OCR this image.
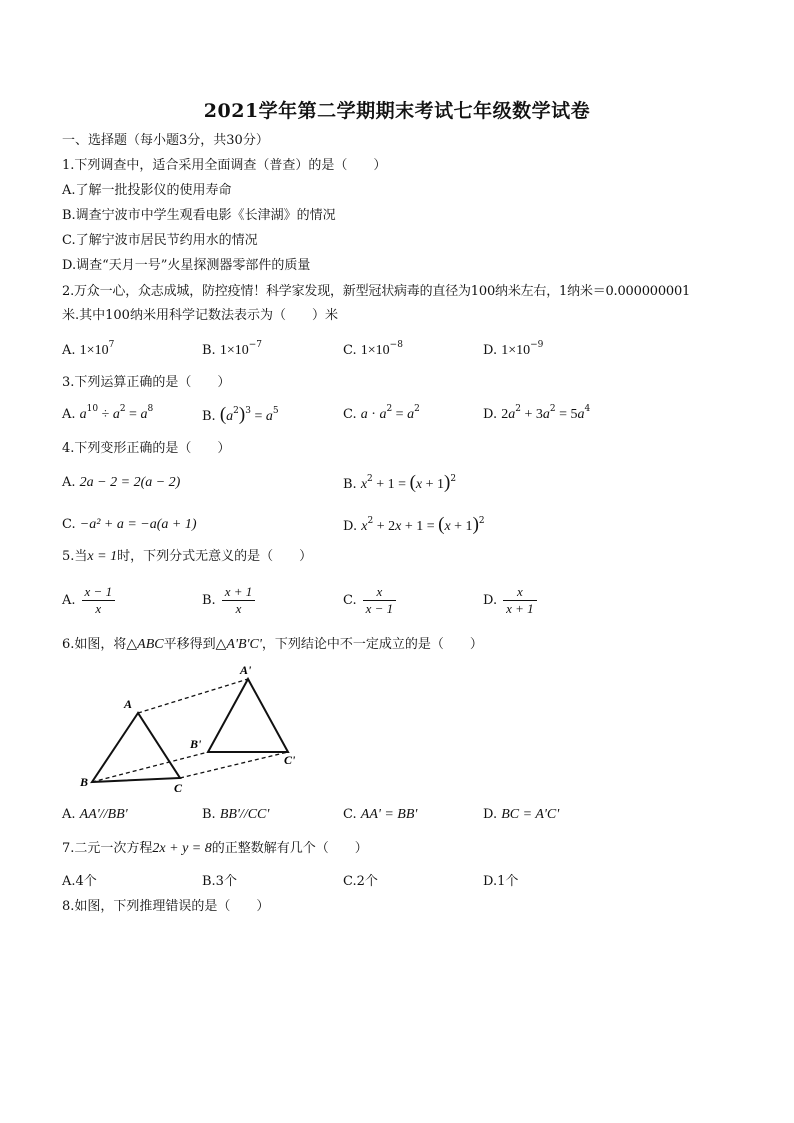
2021学年第二学期期末考试七年级数学试卷
一、选择题（每小题3分，共30分）
1.下列调查中，适合采用全面调查（普查）的是（　　）
A.了解一批投影仪的使用寿命
B.调查宁波市中学生观看电影《长津湖》的情况
C.了解宁波市居民节约用水的情况
D.调查“天月一号”火星探测器零部件的质量
2.万众一心，众志成城，防控疫情！科学家发现，新型冠状病毒的直径为100纳米左右，1纳米＝0.000000001
米.其中100纳米用科学记数法表示为（　　）米
A. $1\times 10^7$	B. $1\times 10^{-7}$	C. $1\times 10^{-8}$	D. $1\times 10^{-9}$
3.下列运算正确的是（　　）
A. $a^{10} \div a^2 = a^8$	B. $(a^2)^3 = a^5$	C. $a \cdot a^2 = a^2$	D. $2a^2 + 3a^2 = 5a^4$
4.下列变形正确的是（　　）
A. 2a − 2 = 2(a − 2)	B. $x^2 + 1 = (x + 1)^2$
C. −a² + a = −a(a + 1)	D. $x^2 + 2x + 1 = (x + 1)^2$
5.当x = 1时，下列分式无意义的是（　　）
A. $\frac{x - 1}{x}$	B. $\frac{x + 1}{x}$	C. $\frac{x}{x - 1}$	D. $\frac{x}{x + 1}$
6.如图，将△ABC平移得到△A'B'C'，下列结论中不一定成立的是（　　）
A
B	C
A'
B'
C'
A. AA'//BB'	B. BB'//CC'	C. AA' = BB'	D. BC = A'C'
7.二元一次方程2x + y = 8的正整数解有几个（　　）
A.4个	B.3个	C.2个	D.1个
8.如图，下列推理错误的是（　　）
